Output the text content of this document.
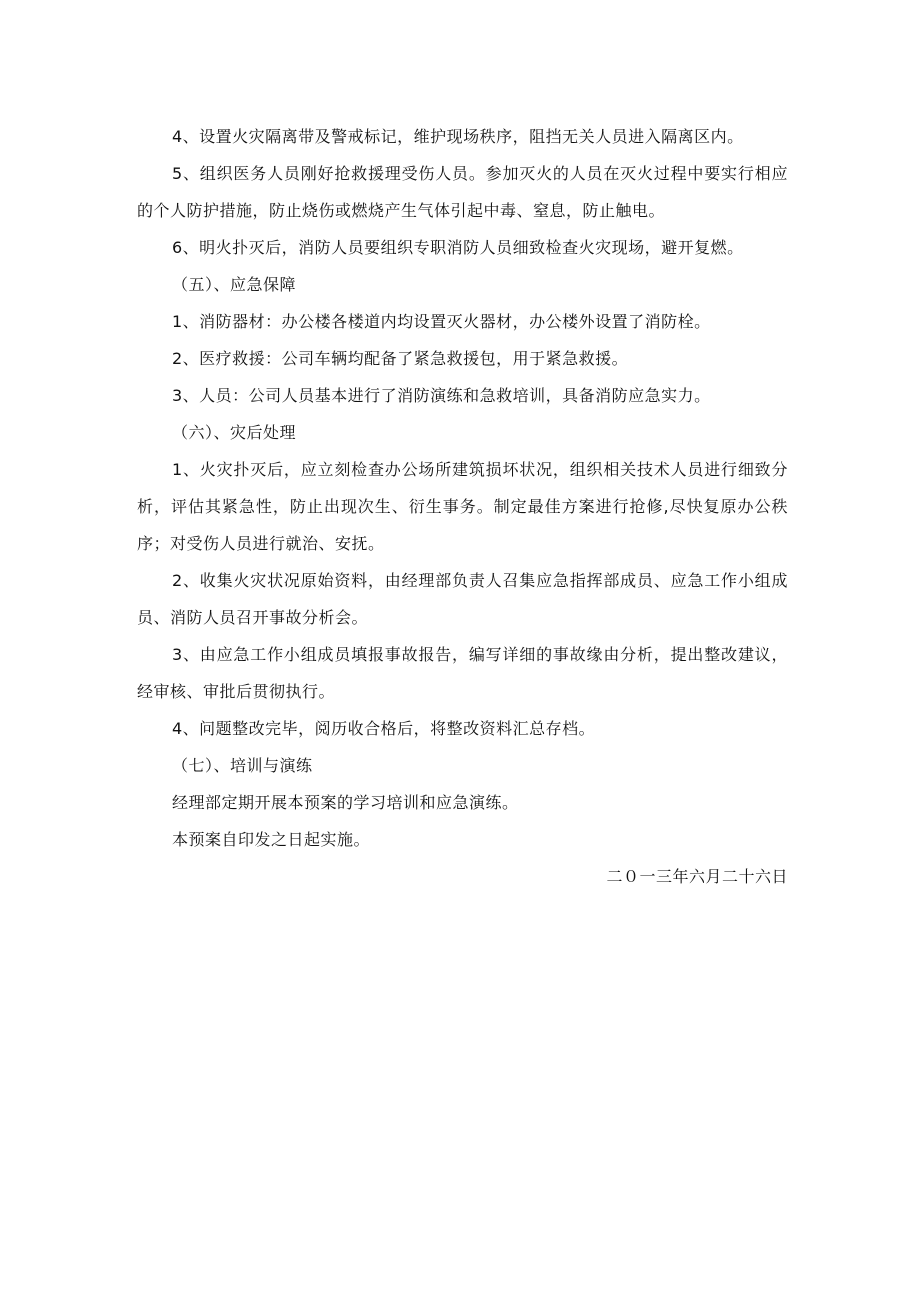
4、设置火灾隔离带及警戒标记，维护现场秩序，阻挡无关人员进入隔离区内。

5、组织医务人员刚好抢救援理受伤人员。参加灭火的人员在灭火过程中要实行相应的个人防护措施，防止烧伤或燃烧产生气体引起中毒、窒息，防止触电。

6、明火扑灭后，消防人员要组织专职消防人员细致检查火灾现场，避开复燃。

（五）、应急保障

1、消防器材：办公楼各楼道内均设置灭火器材，办公楼外设置了消防栓。

2、医疗救援：公司车辆均配备了紧急救援包，用于紧急救援。

3、人员：公司人员基本进行了消防演练和急救培训，具备消防应急实力。

（六）、灾后处理

1、火灾扑灭后，应立刻检查办公场所建筑损坏状况，组织相关技术人员进行细致分析，评估其紧急性，防止出现次生、衍生事务。制定最佳方案进行抢修,尽快复原办公秩序；对受伤人员进行就治、安抚。

2、收集火灾状况原始资料，由经理部负责人召集应急指挥部成员、应急工作小组成员、消防人员召开事故分析会。

3、由应急工作小组成员填报事故报告，编写详细的事故缘由分析，提出整改建议，经审核、审批后贯彻执行。

4、问题整改完毕，阅历收合格后，将整改资料汇总存档。

（七）、培训与演练

经理部定期开展本预案的学习培训和应急演练。

本预案自印发之日起实施。

二０一三年六月二十六日
